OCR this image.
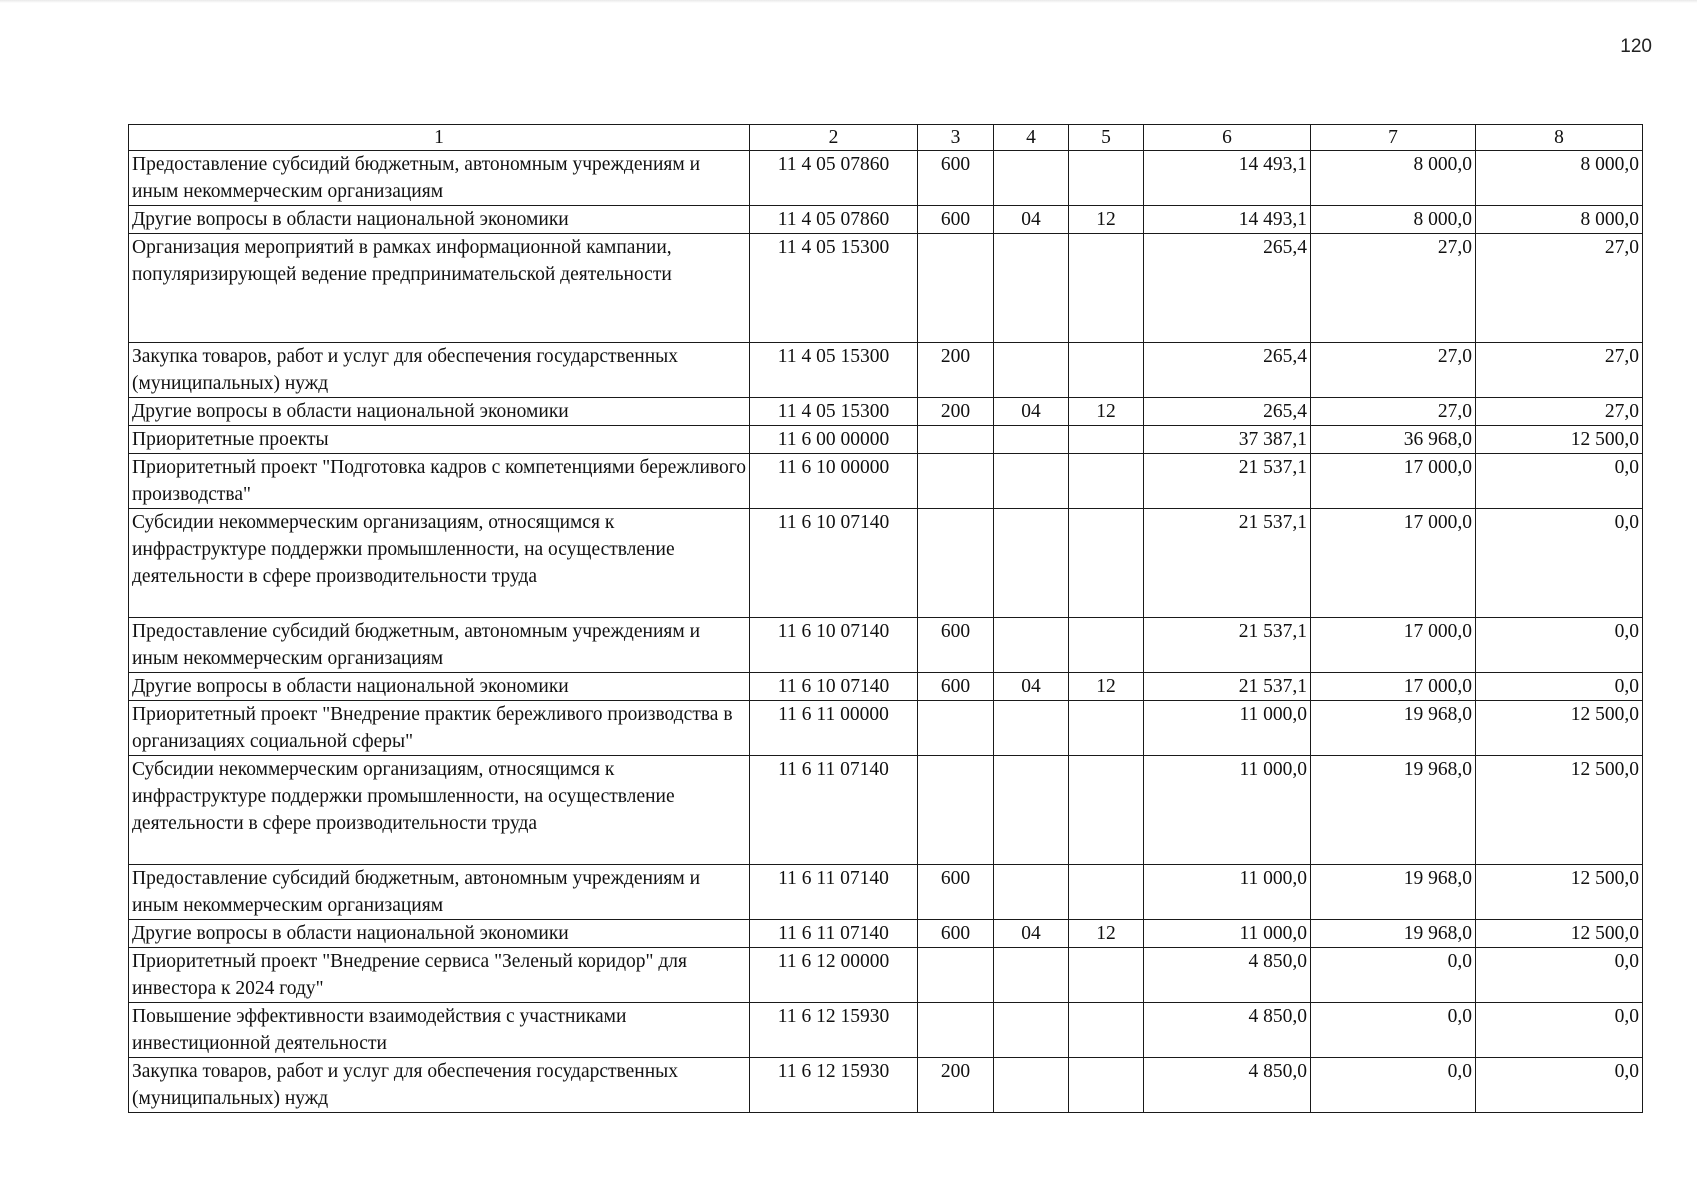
120
1	2	3	4	5	6	7	8
Предоставление субсидий бюджетным, автономным учреждениям и иным некоммерческим организациям	11 4 05 07860	600			14 493,1	8 000,0	8 000,0
Другие вопросы в области национальной экономики	11 4 05 07860	600	04	12	14 493,1	8 000,0	8 000,0
Организация мероприятий в рамках информационной кампании, популяризирующей ведение предпринимательской деятельности	11 4 05 15300				265,4	27,0	27,0
Закупка товаров, работ и услуг для обеспечения государственных (муниципальных) нужд	11 4 05 15300	200			265,4	27,0	27,0
Другие вопросы в области национальной экономики	11 4 05 15300	200	04	12	265,4	27,0	27,0
Приоритетные проекты	11 6 00 00000				37 387,1	36 968,0	12 500,0
Приоритетный проект "Подготовка кадров с компетенциями бережливого производства"	11 6 10 00000				21 537,1	17 000,0	0,0
Субсидии некоммерческим организациям, относящимся к инфраструктуре поддержки промышленности, на осуществление деятельности в сфере производительности труда	11 6 10 07140				21 537,1	17 000,0	0,0
Предоставление субсидий бюджетным, автономным учреждениям и иным некоммерческим организациям	11 6 10 07140	600			21 537,1	17 000,0	0,0
Другие вопросы в области национальной экономики	11 6 10 07140	600	04	12	21 537,1	17 000,0	0,0
Приоритетный проект "Внедрение практик бережливого производства в организациях социальной сферы"	11 6 11 00000				11 000,0	19 968,0	12 500,0
Субсидии некоммерческим организациям, относящимся к инфраструктуре поддержки промышленности, на осуществление деятельности в сфере производительности труда	11 6 11 07140				11 000,0	19 968,0	12 500,0
Предоставление субсидий бюджетным, автономным учреждениям и иным некоммерческим организациям	11 6 11 07140	600			11 000,0	19 968,0	12 500,0
Другие вопросы в области национальной экономики	11 6 11 07140	600	04	12	11 000,0	19 968,0	12 500,0
Приоритетный проект "Внедрение сервиса "Зеленый коридор" для инвестора к 2024 году"	11 6 12 00000				4 850,0	0,0	0,0
Повышение эффективности взаимодействия с участниками инвестиционной деятельности	11 6 12 15930				4 850,0	0,0	0,0
Закупка товаров, работ и услуг для обеспечения государственных (муниципальных) нужд	11 6 12 15930	200			4 850,0	0,0	0,0
